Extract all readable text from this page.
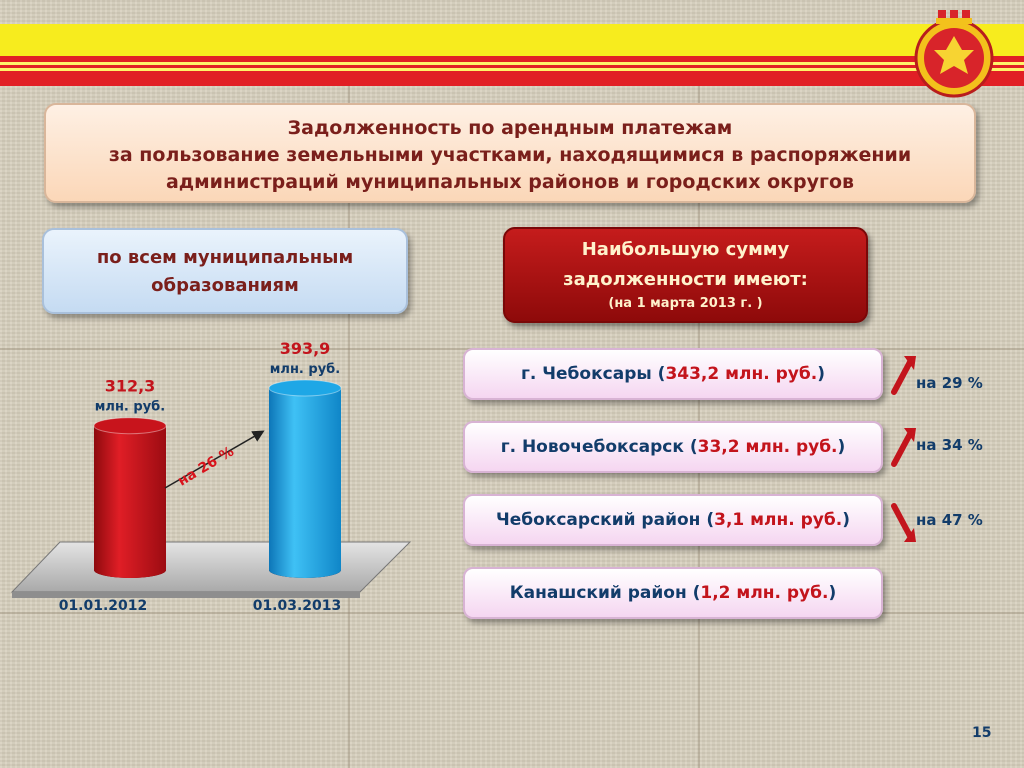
Задолженность по арендным платежам
за пользование земельными участками, находящимися в распоряжении
администраций муниципальных районов и городских округов
по всем муниципальным
образованиям
Наибольшую сумму
задолженности имеют:
(на 1 марта 2013 г. )
312,3
млн. руб.
393,9
млн. руб.
на 26 %
01.01.2012	01.03.2013
г. Чебоксары (343,2 млн. руб.)
г. Новочебоксарск (33,2 млн. руб.)
Чебоксарский район (3,1 млн. руб.)
Канашский район (1,2 млн. руб.)
на 29 %
на 34 %
на 47 %
15
